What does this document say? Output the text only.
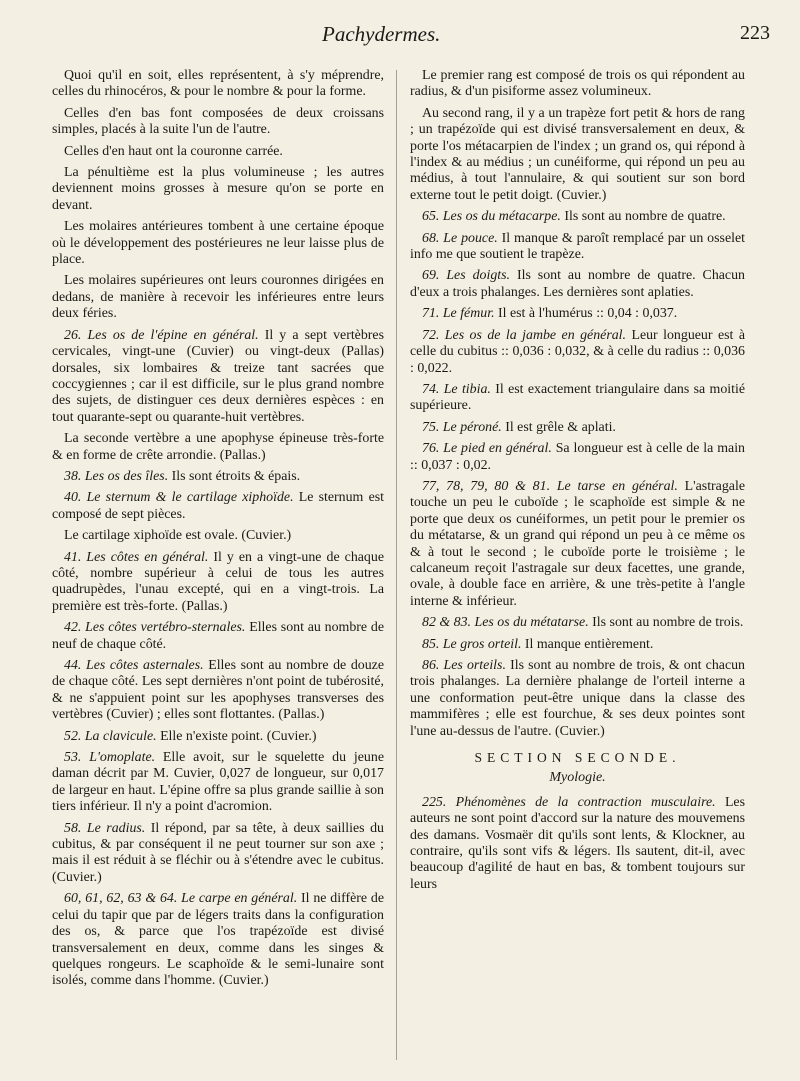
Pachydermes.	223

Quoi qu'il en soit, elles représentent, à s'y méprendre, celles du rhinocéros, & pour le nombre & pour la forme.

Celles d'en bas font composées de deux croissans simples, placés à la suite l'un de l'autre.

Celles d'en haut ont la couronne carrée.

La pénultième est la plus volumineuse ; les autres deviennent moins grosses à mesure qu'on se porte en devant.

Les molaires antérieures tombent à une certaine époque où le développement des postérieures ne leur laisse plus de place.

Les molaires supérieures ont leurs couronnes dirigées en dedans, de manière à recevoir les inférieures entre leurs deux féries.

26. Les os de l'épine en général. Il y a sept vertèbres cervicales, vingt-une (Cuvier) ou vingt-deux (Pallas) dorsales, six lombaires & treize tant sacrées que coccygiennes ; car il est difficile, sur le plus grand nombre des sujets, de distinguer ces deux dernières espèces : en tout quarante-sept ou quarante-huit vertèbres.

La seconde vertèbre a une apophyse épineuse très-forte & en forme de crête arrondie. (Pallas.)

38. Les os des îles. Ils sont étroits & épais.

40. Le sternum & le cartilage xiphoïde. Le sternum est composé de sept pièces.

Le cartilage xiphoïde est ovale. (Cuvier.)

41. Les côtes en général. Il y en a vingt-une de chaque côté, nombre supérieur à celui de tous les autres quadrupèdes, l'unau excepté, qui en a vingt-trois. La première est très-forte. (Pallas.)

42. Les côtes vertébro-sternales. Elles sont au nombre de neuf de chaque côté.

44. Les côtes asternales. Elles sont au nombre de douze de chaque côté. Les sept dernières n'ont point de tubérosité, & ne s'appuient point sur les apophyses transverses des vertèbres (Cuvier) ; elles sont flottantes. (Pallas.)

52. La clavicule. Elle n'existe point. (Cuvier.)

53. L'omoplate. Elle avoit, sur le squelette du jeune daman décrit par M. Cuvier, 0,027 de longueur, sur 0,017 de largeur en haut. L'épine offre sa plus grande saillie à son tiers inférieur. Il n'y a point d'acromion.

58. Le radius. Il répond, par sa tête, à deux saillies du cubitus, & par conséquent il ne peut tourner sur son axe ; mais il est réduit à se fléchir ou à s'étendre avec le cubitus. (Cuvier.)

60, 61, 62, 63 & 64. Le carpe en général. Il ne diffère de celui du tapir que par de légers traits dans la configuration des os, & parce que l'os trapézoïde est divisé transversalement en deux, comme dans les singes & quelques rongeurs. Le scaphoïde & le semi-lunaire sont isolés, comme dans l'homme. (Cuvier.)

Le premier rang est composé de trois os qui répondent au radius, & d'un pisiforme assez volumineux.

Au second rang, il y a un trapèze fort petit & hors de rang ; un trapézoïde qui est divisé transversalement en deux, & porte l'os métacarpien de l'index ; un grand os, qui répond à l'index & au médius ; un cunéiforme, qui répond un peu au médius, à tout l'annulaire, & qui soutient sur son bord externe tout le petit doigt. (Cuvier.)

65. Les os du métacarpe. Ils sont au nombre de quatre.

68. Le pouce. Il manque & paroît remplacé par un osselet info me que soutient le trapèze.

69. Les doigts. Ils sont au nombre de quatre. Chacun d'eux a trois phalanges. Les dernières sont aplaties.

71. Le fémur. Il est à l'humérus :: 0,04 : 0,037.

72. Les os de la jambe en général. Leur longueur est à celle du cubitus :: 0,036 : 0,032, & à celle du radius :: 0,036 : 0,022.

74. Le tibia. Il est exactement triangulaire dans sa moitié supérieure.

75. Le péroné. Il est grêle & aplati.

76. Le pied en général. Sa longueur est à celle de la main :: 0,037 : 0,02.

77, 78, 79, 80 & 81. Le tarse en général. L'astragale touche un peu le cuboïde ; le scaphoïde est simple & ne porte que deux os cunéiformes, un petit pour le premier os du métatarse, & un grand qui répond un peu à ce même os & à tout le second ; le cuboïde porte le troisième ; le calcaneum reçoit l'astragale sur deux facettes, une grande, ovale, à double face en arrière, & une très-petite à l'angle interne & inférieur.

82 & 83. Les os du métatarse. Ils sont au nombre de trois.

85. Le gros orteil. Il manque entièrement.

86. Les orteils. Ils sont au nombre de trois, & ont chacun trois phalanges. La dernière phalange de l'orteil interne a une conformation peut-être unique dans la classe des mammifères ; elle est fourchue, & ses deux pointes sont l'une au-dessus de l'autre. (Cuvier.)

SECTION SECONDE.
Myologie.

225. Phénomènes de la contraction musculaire. Les auteurs ne sont point d'accord sur la nature des mouvemens des damans. Vosmaër dit qu'ils sont lents, & Klockner, au contraire, qu'ils sont vifs & légers. Ils sautent, dit-il, avec beaucoup d'agilité de haut en bas, & tombent toujours sur leurs
